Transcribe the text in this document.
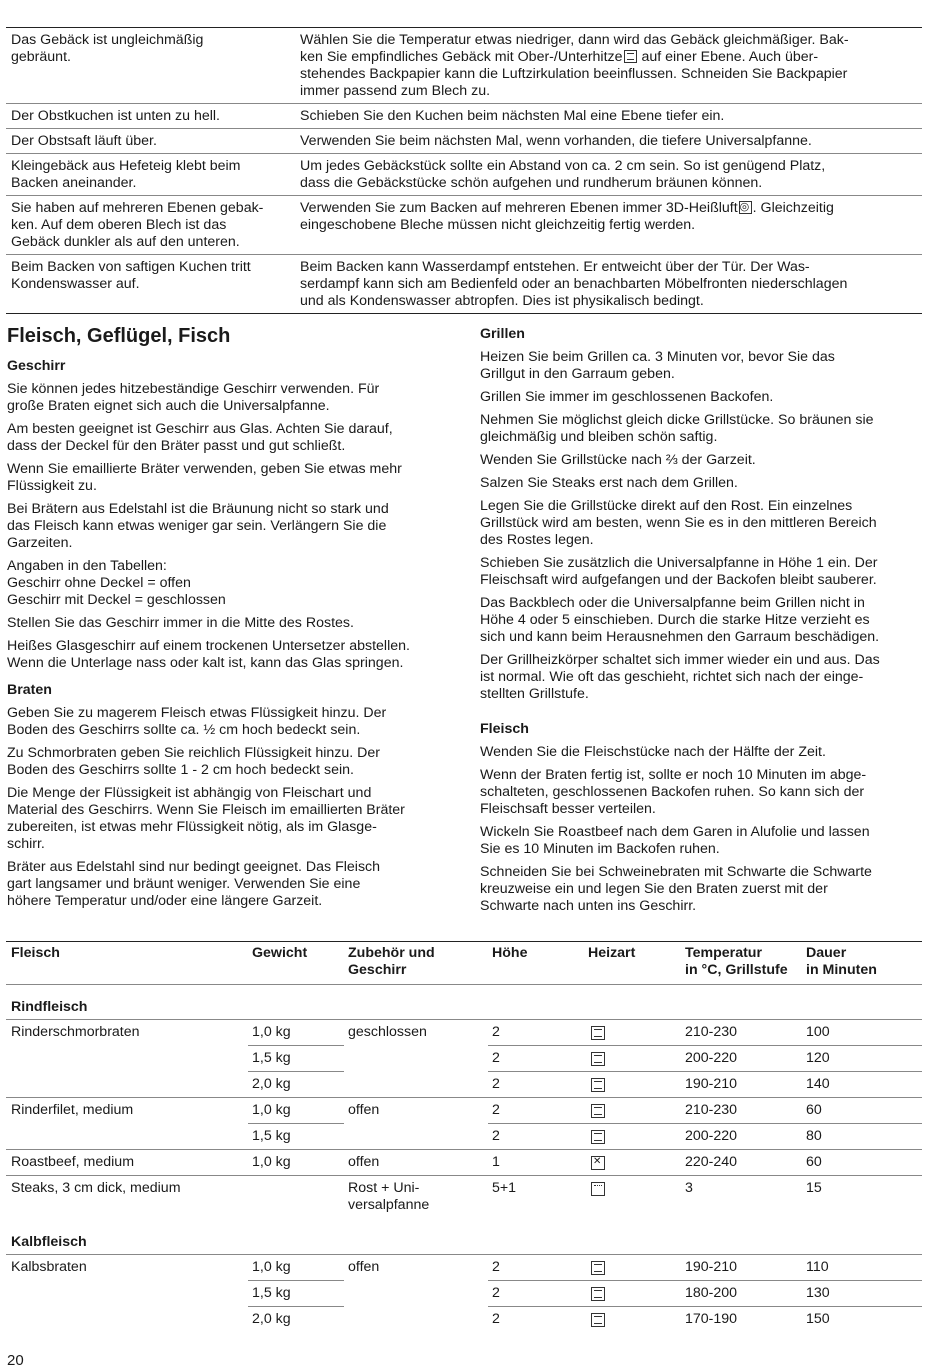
Das Gebäck ist ungleichmäßig
gebräunt.
Wählen Sie die Temperatur etwas niedriger, dann wird das Gebäck gleichmäßiger. Bak-
ken Sie empfindliches Gebäck mit Ober-/Unterhitze auf einer Ebene. Auch über-
stehendes Backpapier kann die Luftzirkulation beeinflussen. Schneiden Sie Backpapier
immer passend zum Blech zu.
Der Obstkuchen ist unten zu hell.	Schieben Sie den Kuchen beim nächsten Mal eine Ebene tiefer ein.
Der Obstsaft läuft über.	Verwenden Sie beim nächsten Mal, wenn vorhanden, die tiefere Universalpfanne.
Kleingebäck aus Hefeteig klebt beim
Backen aneinander.
Um jedes Gebäckstück sollte ein Abstand von ca. 2 cm sein. So ist genügend Platz,
dass die Gebäckstücke schön aufgehen und rundherum bräunen können.
Sie haben auf mehreren Ebenen gebak-
ken. Auf dem oberen Blech ist das
Gebäck dunkler als auf den unteren.
Verwenden Sie zum Backen auf mehreren Ebenen immer 3D-Heißluft◎ . Gleichzeitig
eingeschobene Bleche müssen nicht gleichzeitig fertig werden.
Beim Backen von saftigen Kuchen tritt
Kondenswasser auf.
Beim Backen kann Wasserdampf entstehen. Er entweicht über der Tür. Der Was-
serdampf kann sich am Bedienfeld oder an benachbarten Möbelfronten niederschlagen
und als Kondenswasser abtropfen. Dies ist physikalisch bedingt.
Fleisch, Geflügel, Fisch
Geschirr

Sie können jedes hitzebeständige Geschirr verwenden. Für
große Braten eignet sich auch die Universalpfanne.

Am besten geeignet ist Geschirr aus Glas. Achten Sie darauf,
dass der Deckel für den Bräter passt und gut schließt.

Wenn Sie emaillierte Bräter verwenden, geben Sie etwas mehr
Flüssigkeit zu.

Bei Brätern aus Edelstahl ist die Bräunung nicht so stark und
das Fleisch kann etwas weniger gar sein. Verlängern Sie die
Garzeiten.

Angaben in den Tabellen:
Geschirr ohne Deckel = offen
Geschirr mit Deckel = geschlossen

Stellen Sie das Geschirr immer in die Mitte des Rostes.

Heißes Glasgeschirr auf einem trockenen Untersetzer abstellen.
Wenn die Unterlage nass oder kalt ist, kann das Glas springen.

Braten

Geben Sie zu magerem Fleisch etwas Flüssigkeit hinzu. Der
Boden des Geschirrs sollte ca. ½ cm hoch bedeckt sein.

Zu Schmorbraten geben Sie reichlich Flüssigkeit hinzu. Der
Boden des Geschirrs sollte 1 - 2 cm hoch bedeckt sein.

Die Menge der Flüssigkeit ist abhängig von Fleischart und
Material des Geschirrs. Wenn Sie Fleisch im emaillierten Bräter
zubereiten, ist etwas mehr Flüssigkeit nötig, als im Glasge-
schirr.

Bräter aus Edelstahl sind nur bedingt geeignet. Das Fleisch
gart langsamer und bräunt weniger. Verwenden Sie eine
höhere Temperatur und/oder eine längere Garzeit.

Grillen

Heizen Sie beim Grillen ca. 3 Minuten vor, bevor Sie das
Grillgut in den Garraum geben.

Grillen Sie immer im geschlossenen Backofen.

Nehmen Sie möglichst gleich dicke Grillstücke. So bräunen sie
gleichmäßig und bleiben schön saftig.

Wenden Sie Grillstücke nach ⅔ der Garzeit.

Salzen Sie Steaks erst nach dem Grillen.

Legen Sie die Grillstücke direkt auf den Rost. Ein einzelnes
Grillstück wird am besten, wenn Sie es in den mittleren Bereich
des Rostes legen.

Schieben Sie zusätzlich die Universalpfanne in Höhe 1 ein. Der
Fleischsaft wird aufgefangen und der Backofen bleibt sauberer.

Das Backblech oder die Universalpfanne beim Grillen nicht in
Höhe 4 oder 5 einschieben. Durch die starke Hitze verzieht es
sich und kann beim Herausnehmen den Garraum beschädigen.

Der Grillheizkörper schaltet sich immer wieder ein und aus. Das
ist normal. Wie oft das geschieht, richtet sich nach der einge-
stellten Grillstufe.

Fleisch

Wenden Sie die Fleischstücke nach der Hälfte der Zeit.

Wenn der Braten fertig ist, sollte er noch 10 Minuten im abge-
schalteten, geschlossenen Backofen ruhen. So kann sich der
Fleischsaft besser verteilen.

Wickeln Sie Roastbeef nach dem Garen in Alufolie und lassen
Sie es 10 Minuten im Backofen ruhen.

Schneiden Sie bei Schweinebraten mit Schwarte die Schwarte
kreuzweise ein und legen Sie den Braten zuerst mit der
Schwarte nach unten ins Geschirr.

Fleisch	Gewicht	Zubehör und
Geschirr
Höhe	Heizart	Temperatur
in °C, Grillstufe
Dauer
in Minuten
Rindfleisch
Rinderschmorbraten	1,0 kg	geschlossen	2	210-230	100
1,5 kg	2	200-220	120
2,0 kg	2	190-210	140
Rinderfilet, medium	1,0 kg	offen	2	210-230	60
1,5 kg	2	200-220	80
Roastbeef, medium	1,0 kg	offen	1	220-240	60
✕
Steaks, 3 cm dick, medium	Rost + Uni-
versalpfanne
5+1	3	15
Kalbfleisch
Kalbsbraten	1,0 kg	offen	2	190-210	110
1,5 kg	2	180-200	130
2,0 kg	2	170-190	150
20
